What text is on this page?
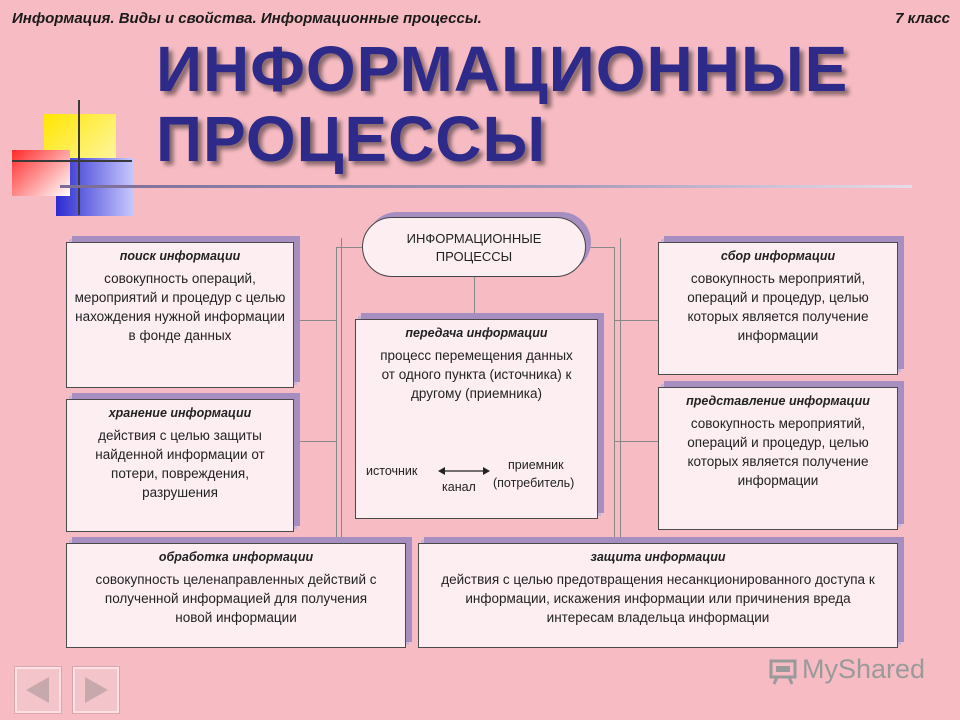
Информация. Виды и свойства. Информационные процессы.	7 класс
ИНФОРМАЦИОННЫЕ
ПРОЦЕССЫ
ИНФОРМАЦИОННЫЕ
ПРОЦЕССЫ
поиск информации
совокупность операций, мероприятий и процедур с целью нахождения нужной информации в фонде данных
хранение информации
действия с целью защиты найденной информации от потери, повреждения, разрушения
обработка информации
совокупность целенаправленных действий с полученной информацией для получения новой информации
передача информации
процесс перемещения данных от одного пункта (источника) к другому (приемника)
источник
канал
приемник
(потребитель)
сбор информации
совокупность мероприятий, операций и процедур, целью которых является получение информации
представление информации
совокупность мероприятий, операций и процедур, целью которых является получение информации
защита информации
действия с целью предотвращения несанкционированного доступа к информации, искажения информации или причинения вреда интересам владельца информации
MyShared
